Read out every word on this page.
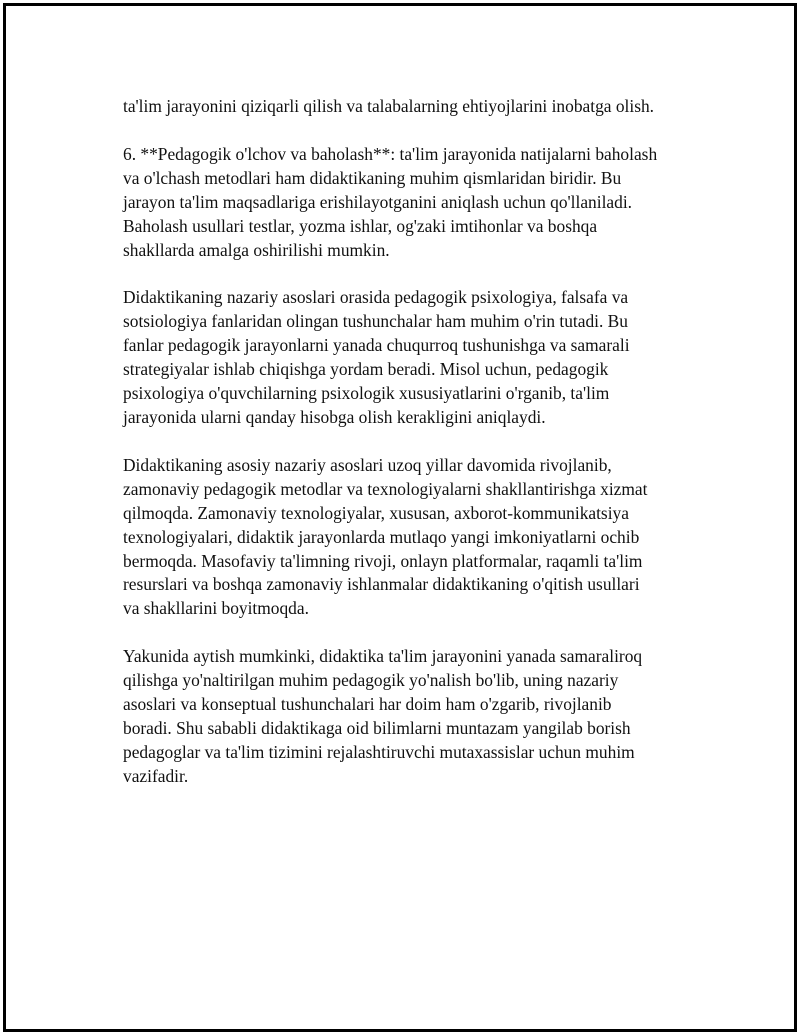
ta'lim jarayonini qiziqarli qilish va talabalarning ehtiyojlarini inobatga olish.

6. **Pedagogik o'lchov va baholash**: ta'lim jarayonida natijalarni baholash
va o'lchash metodlari ham didaktikaning muhim qismlaridan biridir. Bu
jarayon ta'lim maqsadlariga erishilayotganini aniqlash uchun qo'llaniladi.
Baholash usullari testlar, yozma ishlar, og'zaki imtihonlar va boshqa
shakllarda amalga oshirilishi mumkin.

Didaktikaning nazariy asoslari orasida pedagogik psixologiya, falsafa va
sotsiologiya fanlaridan olingan tushunchalar ham muhim o'rin tutadi. Bu
fanlar pedagogik jarayonlarni yanada chuqurroq tushunishga va samarali
strategiyalar ishlab chiqishga yordam beradi. Misol uchun, pedagogik
psixologiya o'quvchilarning psixologik xususiyatlarini o'rganib, ta'lim
jarayonida ularni qanday hisobga olish kerakligini aniqlaydi.

Didaktikaning asosiy nazariy asoslari uzoq yillar davomida rivojlanib,
zamonaviy pedagogik metodlar va texnologiyalarni shakllantirishga xizmat
qilmoqda. Zamonaviy texnologiyalar, xususan, axborot-kommunikatsiya
texnologiyalari, didaktik jarayonlarda mutlaqo yangi imkoniyatlarni ochib
bermoqda. Masofaviy ta'limning rivoji, onlayn platformalar, raqamli ta'lim
resurslari va boshqa zamonaviy ishlanmalar didaktikaning o'qitish usullari
va shakllarini boyitmoqda.

Yakunida aytish mumkinki, didaktika ta'lim jarayonini yanada samaraliroq
qilishga yo'naltirilgan muhim pedagogik yo'nalish bo'lib, uning nazariy
asoslari va konseptual tushunchalari har doim ham o'zgarib, rivojlanib
boradi. Shu sababli didaktikaga oid bilimlarni muntazam yangilab borish
pedagoglar va ta'lim tizimini rejalashtiruvchi mutaxassislar uchun muhim
vazifadir.
